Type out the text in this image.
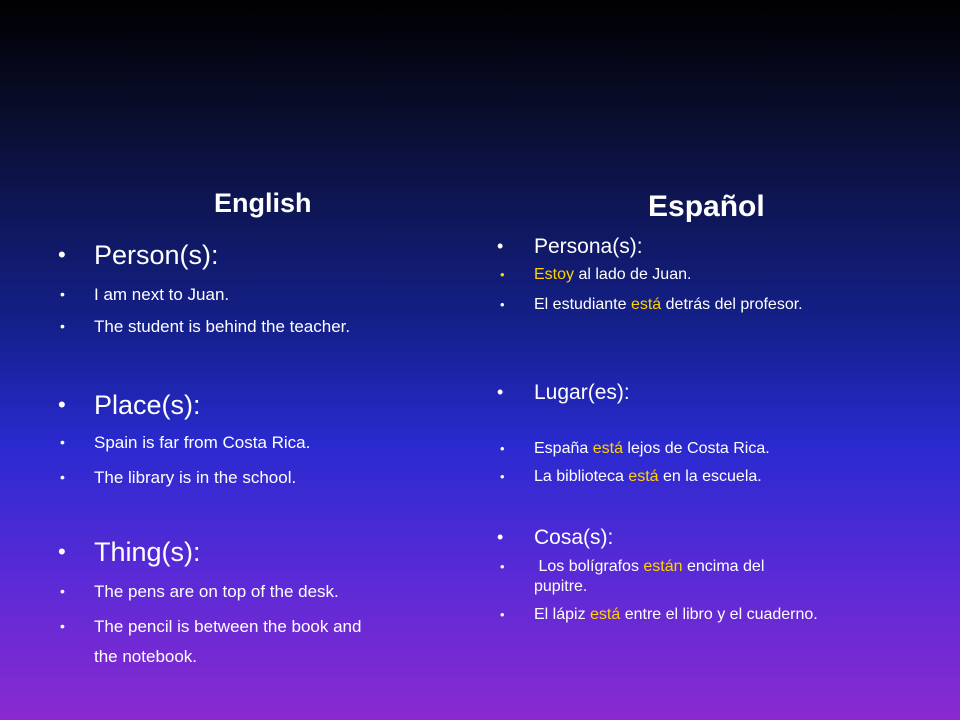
English
• Person(s):
• I am next to Juan.
• The student is behind the teacher.
• Place(s):
• Spain is far from Costa Rica.
• The library is in the school.
• Thing(s):
• The pens are on top of the desk.
• The pencil is between the book and
the notebook.
Español
• Persona(s):
• Estoy al lado de Juan.
• El estudiante está detrás del profesor.
• Lugar(es):
• España está lejos de Costa Rica.
• La biblioteca está en la escuela.
• Cosa(s):
• Los bolígrafos están encima del
pupitre.
• El lápiz está entre el libro y el cuaderno.
